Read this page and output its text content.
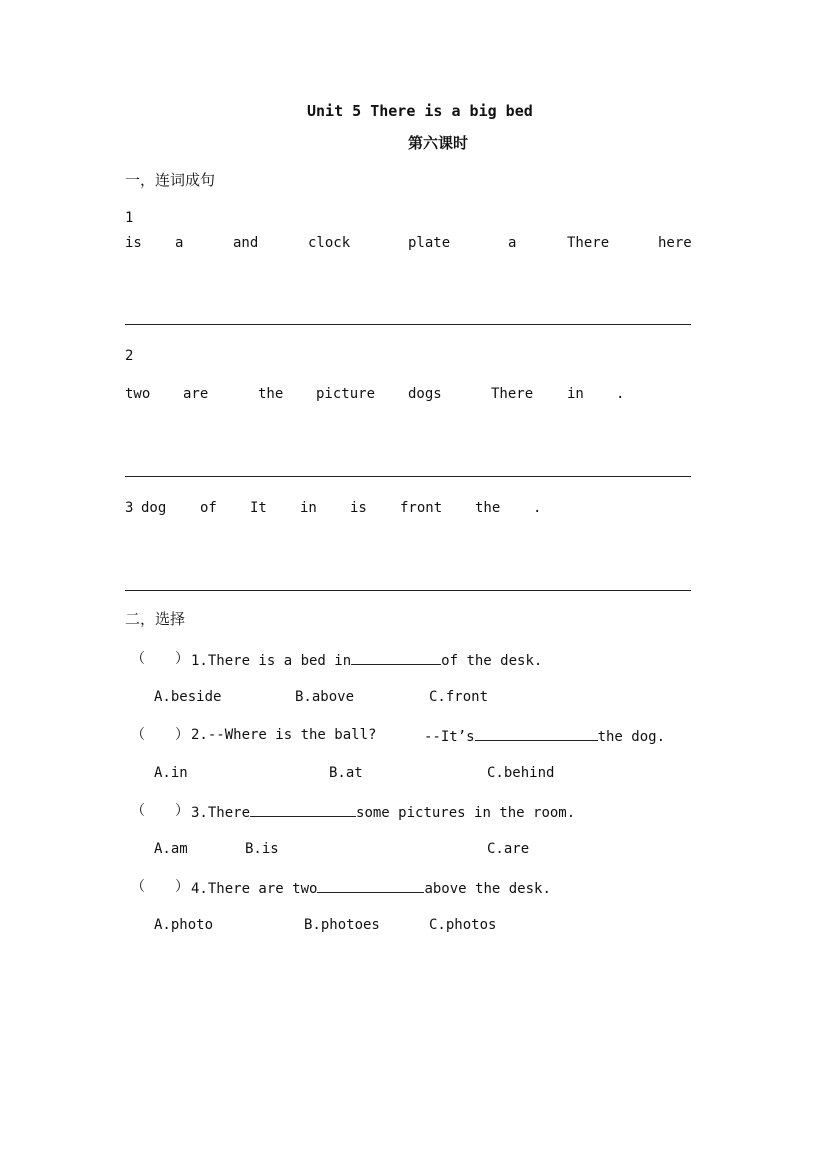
Unit 5 There is a big bed
第六课时
一，连词成句
1
is a	and	clock	plate	a	There	here
2
two are	the picture dogs	There in .
3 dog of It in is front the .
二，选择
（ ） 1.There is a bed in	of the desk.
A.beside	B.above	C.front
（ ） 2.--Where is the ball?	--It’s	the dog.
A.in	B.at	C.behind
（ ） 3.There	some pictures in the room.
A.am	B.is	C.are
（ ） 4.There are two	above the desk.
A.photo	B.photoes	C.photos
